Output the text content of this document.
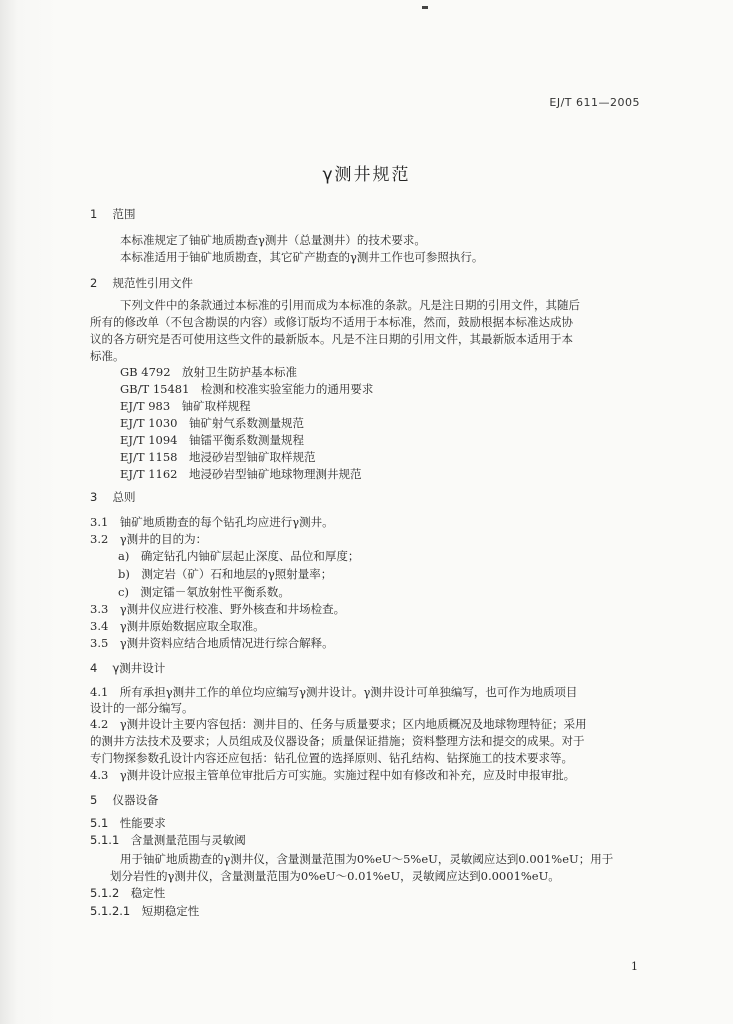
EJ/T 611—2005
γ测井规范
1　 范围
本标准规定了铀矿地质勘查γ测井（总量测井）的技术要求。
本标准适用于铀矿地质勘查，其它矿产勘查的γ测井工作也可参照执行。
2　 规范性引用文件
下列文件中的条款通过本标准的引用而成为本标准的条款。凡是注日期的引用文件，其随后
所有的修改单（不包含勘误的内容）或修订版均不适用于本标准，然而，鼓励根据本标准达成协
议的各方研究是否可使用这些文件的最新版本。凡是不注日期的引用文件，其最新版本适用于本
标准。
GB 4792　放射卫生防护基本标准
GB/T 15481　检测和校准实验室能力的通用要求
EJ/T 983　铀矿取样规程
EJ/T 1030　铀矿射气系数测量规范
EJ/T 1094　铀镭平衡系数测量规程
EJ/T 1158　地浸砂岩型铀矿取样规范
EJ/T 1162　地浸砂岩型铀矿地球物理测井规范
3　 总则
3.1　铀矿地质勘查的每个钻孔均应进行γ测井。
3.2　γ测井的目的为：
a)　确定钻孔内铀矿层起止深度、品位和厚度；
b)　测定岩（矿）石和地层的γ照射量率；
c)　测定镭－氡放射性平衡系数。
3.3　γ测井仪应进行校准、野外核查和井场检查。
3.4　γ测井原始数据应取全取准。
3.5　γ测井资料应结合地质情况进行综合解释。
4　 γ测井设计
4.1　所有承担γ测井工作的单位均应编写γ测井设计。γ测井设计可单独编写，也可作为地质项目
设计的一部分编写。
4.2　γ测井设计主要内容包括：测井目的、任务与质量要求；区内地质概况及地球物理特征；采用
的测井方法技术及要求；人员组成及仪器设备；质量保证措施；资料整理方法和提交的成果。对于
专门物探参数孔设计内容还应包括：钻孔位置的选择原则、钻孔结构、钻探施工的技术要求等。
4.3　γ测井设计应报主管单位审批后方可实施。实施过程中如有修改和补充，应及时申报审批。
5　 仪器设备
5.1　性能要求
5.1.1　含量测量范围与灵敏阈
用于铀矿地质勘查的γ测井仪，含量测量范围为0%eU～5%eU，灵敏阈应达到0.001%eU；用于
划分岩性的γ测井仪，含量测量范围为0%eU～0.01%eU，灵敏阈应达到0.0001%eU。
5.1.2　稳定性
5.1.2.1　短期稳定性
1
